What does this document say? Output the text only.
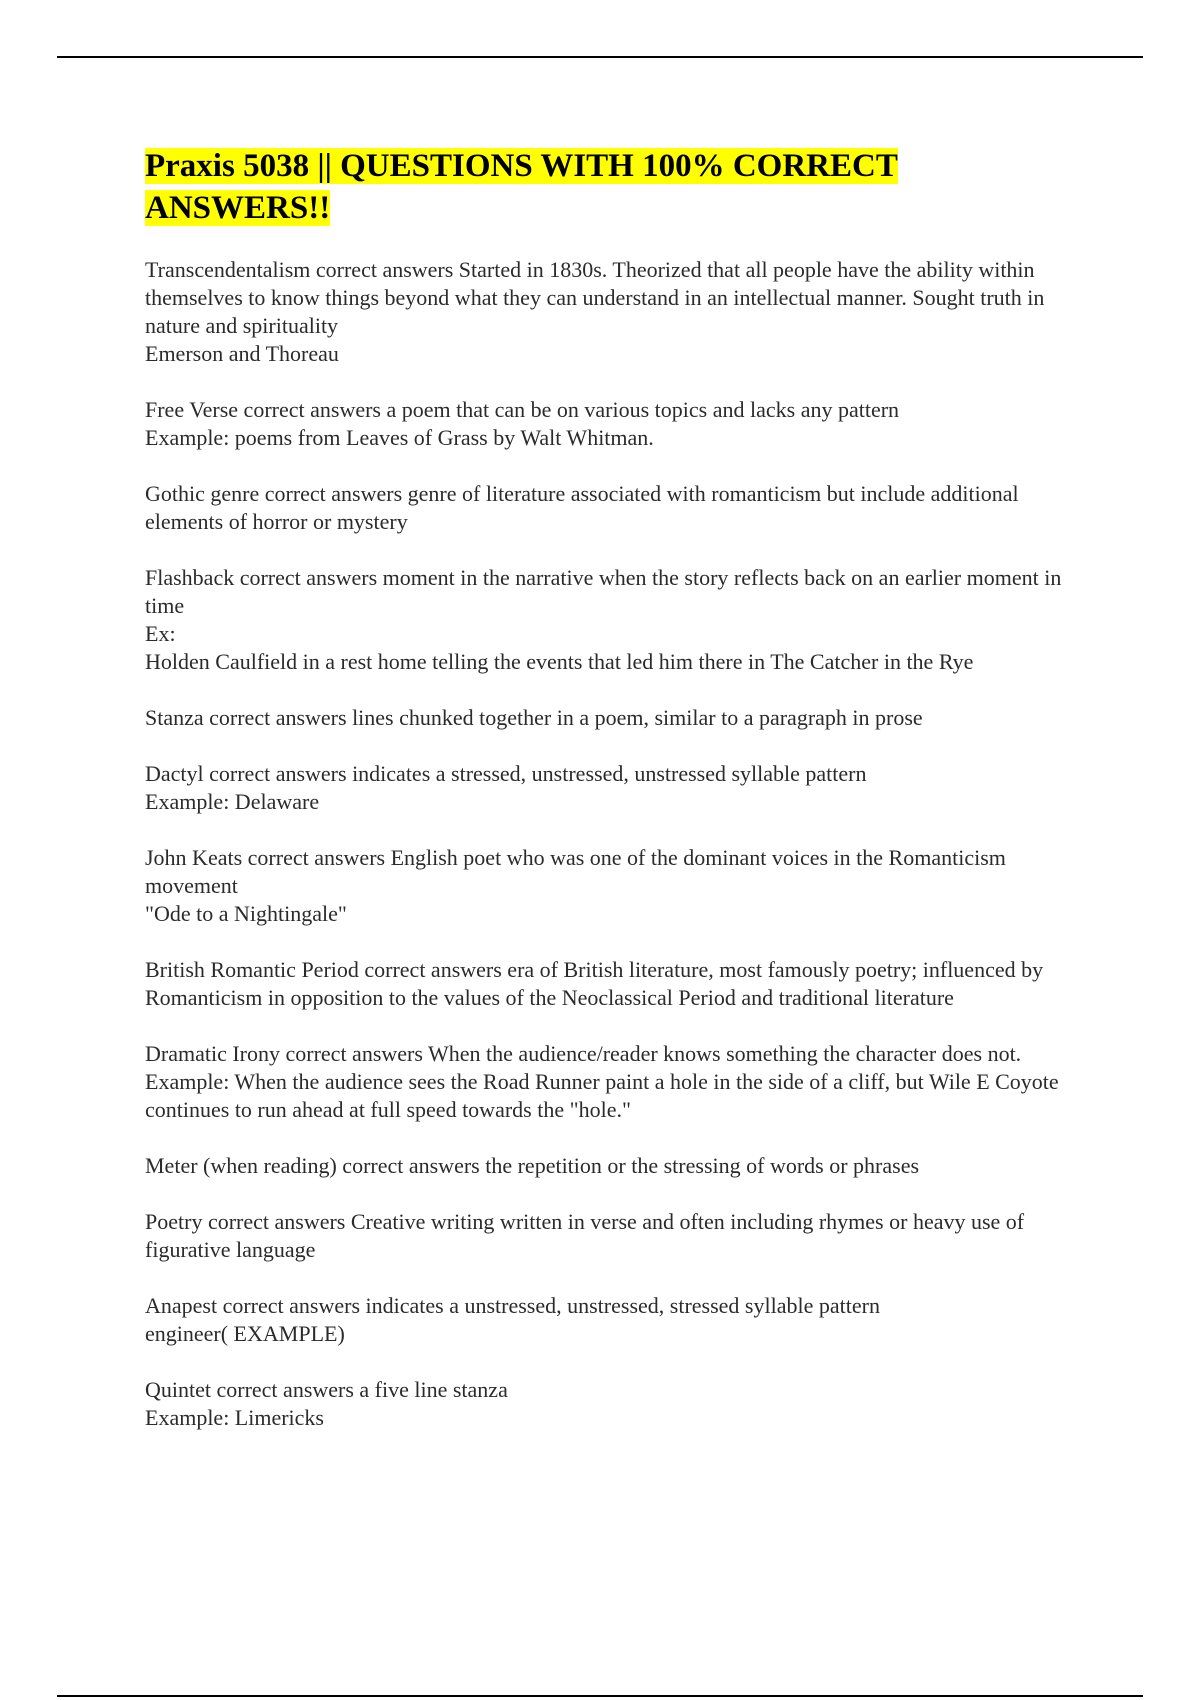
Praxis 5038 || QUESTIONS WITH 100% CORRECT ANSWERS!!
Transcendentalism correct answers Started in 1830s. Theorized that all people have the ability within themselves to know things beyond what they can understand in an intellectual manner. Sought truth in nature and spirituality
Emerson and Thoreau
Free Verse correct answers a poem that can be on various topics and lacks any pattern
Example: poems from Leaves of Grass by Walt Whitman.
Gothic genre correct answers genre of literature associated with romanticism but include additional elements of horror or mystery
Flashback correct answers moment in the narrative when the story reflects back on an earlier moment in time
Ex:
Holden Caulfield in a rest home telling the events that led him there in The Catcher in the Rye
Stanza correct answers lines chunked together in a poem, similar to a paragraph in prose
Dactyl correct answers indicates a stressed, unstressed, unstressed syllable pattern
Example: Delaware
John Keats correct answers English poet who was one of the dominant voices in the Romanticism movement
"Ode to a Nightingale"
British Romantic Period correct answers era of British literature, most famously poetry; influenced by Romanticism in opposition to the values of the Neoclassical Period and traditional literature
Dramatic Irony correct answers When the audience/reader knows something the character does not.
Example: When the audience sees the Road Runner paint a hole in the side of a cliff, but Wile E Coyote continues to run ahead at full speed towards the "hole."
Meter (when reading) correct answers the repetition or the stressing of words or phrases
Poetry correct answers Creative writing written in verse and often including rhymes or heavy use of figurative language
Anapest correct answers indicates a unstressed, unstressed, stressed syllable pattern
engineer( EXAMPLE)
Quintet correct answers a five line stanza
Example: Limericks
